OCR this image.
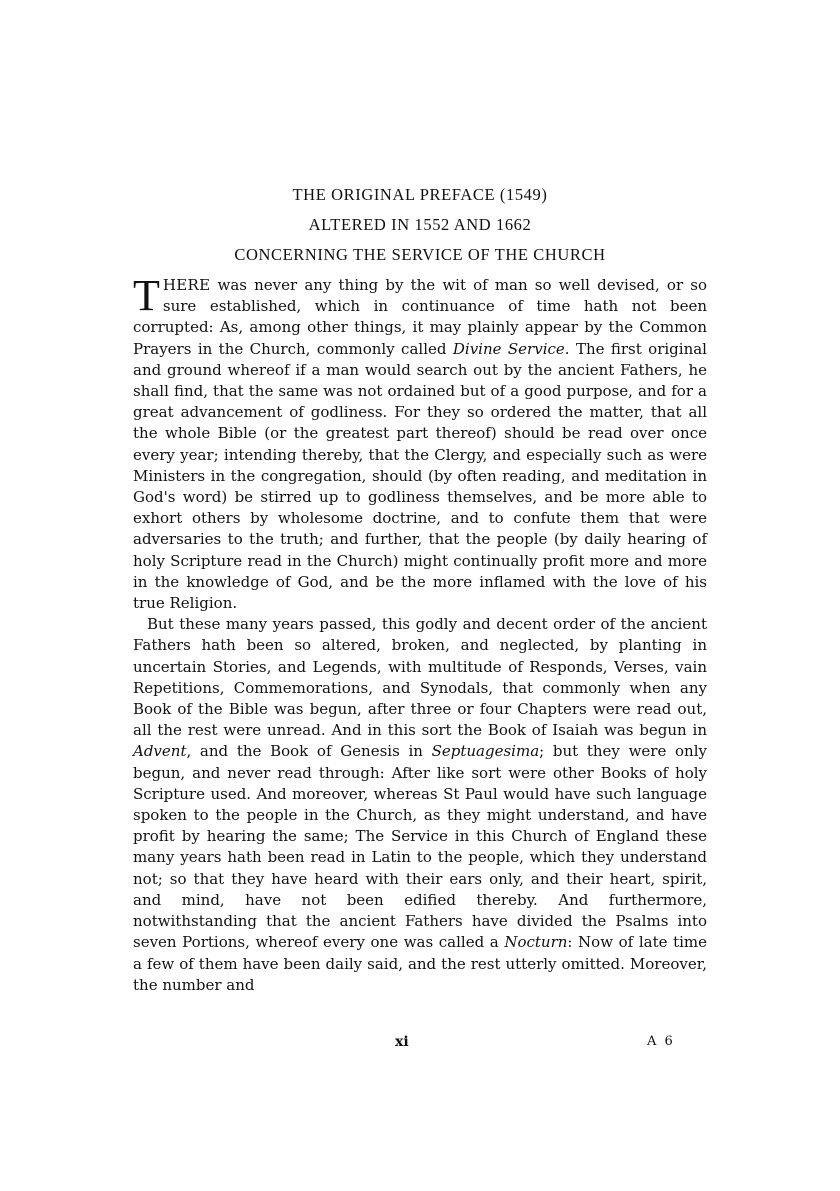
THE ORIGINAL PREFACE (1549)
ALTERED IN 1552 AND 1662
CONCERNING THE SERVICE OF THE CHURCH

THERE was never any thing by the wit of man so well devised, or so sure established, which in continuance of time hath not been corrupted: As, among other things, it may plainly appear by the Common Prayers in the Church, commonly called Divine Service. The first original and ground whereof if a man would search out by the ancient Fathers, he shall find, that the same was not ordained but of a good purpose, and for a great advancement of godliness. For they so ordered the matter, that all the whole Bible (or the greatest part thereof) should be read over once every year; intending thereby, that the Clergy, and especially such as were Ministers in the congregation, should (by often reading, and meditation in God's word) be stirred up to godliness themselves, and be more able to exhort others by wholesome doctrine, and to confute them that were adversaries to the truth; and further, that the people (by daily hearing of holy Scripture read in the Church) might continually profit more and more in the knowledge of God, and be the more inflamed with the love of his true Religion.

But these many years passed, this godly and decent order of the ancient Fathers hath been so altered, broken, and neglected, by planting in uncertain Stories, and Legends, with multitude of Responds, Verses, vain Repetitions, Commemorations, and Synodals, that commonly when any Book of the Bible was begun, after three or four Chapters were read out, all the rest were unread. And in this sort the Book of Isaiah was begun in Advent, and the Book of Genesis in Septuagesima; but they were only begun, and never read through: After like sort were other Books of holy Scripture used. And moreover, whereas St Paul would have such language spoken to the people in the Church, as they might understand, and have profit by hearing the same; The Service in this Church of England these many years hath been read in Latin to the people, which they understand not; so that they have heard with their ears only, and their heart, spirit, and mind, have not been edified thereby. And furthermore, notwithstanding that the ancient Fathers have divided the Psalms into seven Portions, whereof every one was called a Nocturn: Now of late time a few of them have been daily said, and the rest utterly omitted. Moreover, the number and

xi	A 6
